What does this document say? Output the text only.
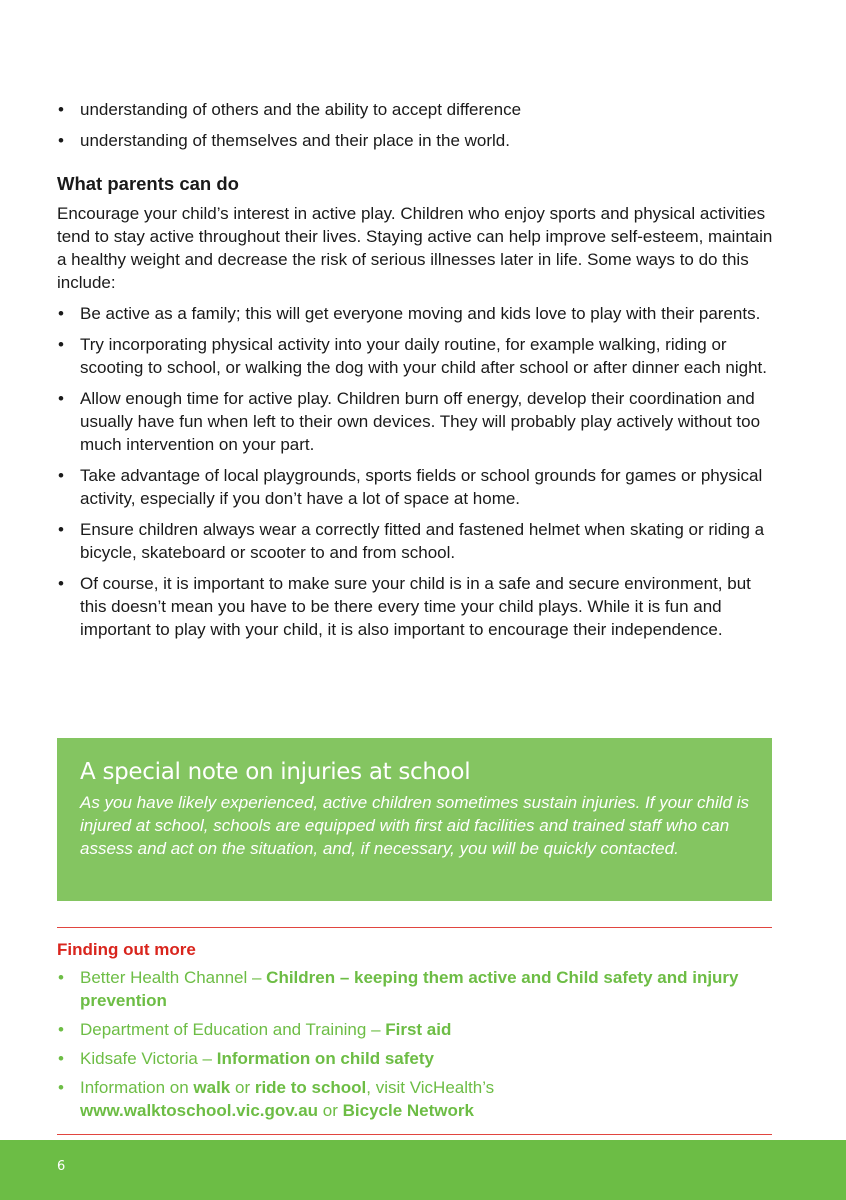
• understanding of others and the ability to accept difference
• understanding of themselves and their place in the world.
What parents can do

Encourage your child’s interest in active play. Children who enjoy sports and physical activities tend to stay active throughout their lives. Staying active can help improve self-esteem, maintain a healthy weight and decrease the risk of serious illnesses later in life. Some ways to do this include:

• Be active as a family; this will get everyone moving and kids love to play with their parents.
• Try incorporating physical activity into your daily routine, for example walking, riding or scooting to school, or walking the dog with your child after school or after dinner each night.
• Allow enough time for active play. Children burn off energy, develop their coordination and usually have fun when left to their own devices. They will probably play actively without too much intervention on your part.
• Take advantage of local playgrounds, sports fields or school grounds for games or physical activity, especially if you don’t have a lot of space at home.
• Ensure children always wear a correctly fitted and fastened helmet when skating or riding a bicycle, skateboard or scooter to and from school.
• Of course, it is important to make sure your child is in a safe and secure environment, but this doesn’t mean you have to be there every time your child plays. While it is fun and important to play with your child, it is also important to encourage their independence.
A special note on injuries at school

As you have likely experienced, active children sometimes sustain injuries. If your child is injured at school, schools are equipped with first aid facilities and trained staff who can assess and act on the situation, and, if necessary, you will be quickly contacted.

Finding out more
• Better Health Channel – Children – keeping them active and Child safety and injury prevention
• Department of Education and Training – First aid
• Kidsafe Victoria – Information on child safety
• Information on walk or ride to school, visit VicHealth’s
www.walktoschool.vic.gov.au or Bicycle Network
6
